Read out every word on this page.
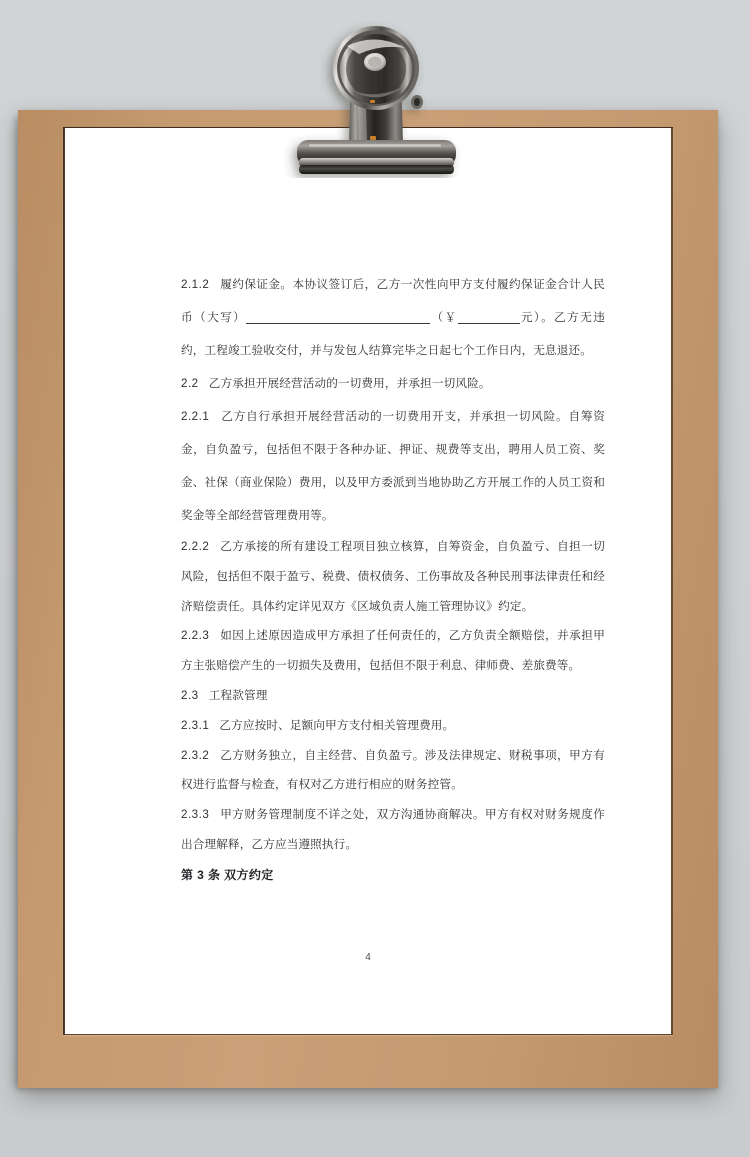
2.1.2 履约保证金。本协议签订后，乙方一次性向甲方支付履约保证金合计人民币（大写）	（￥	元）。乙方无违约，工程竣工验收交付，并与发包人结算完毕之日起七个工作日内，无息退还。

2.2 乙方承担开展经营活动的一切费用，并承担一切风险。

2.2.1 乙方自行承担开展经营活动的一切费用开支，并承担一切风险。自筹资金，自负盈亏，包括但不限于各种办证、押证、规费等支出，聘用人员工资、奖金、社保（商业保险）费用，以及甲方委派到当地协助乙方开展工作的人员工资和奖金等全部经营管理费用等。

2.2.2 乙方承接的所有建设工程项目独立核算，自筹资金，自负盈亏、自担一切风险，包括但不限于盈亏、税费、债权债务、工伤事故及各种民刑事法律责任和经济赔偿责任。具体约定详见双方《区域负责人施工管理协议》约定。

2.2.3 如因上述原因造成甲方承担了任何责任的，乙方负责全额赔偿，并承担甲方主张赔偿产生的一切损失及费用，包括但不限于利息、律师费、差旅费等。

2.3 工程款管理

2.3.1 乙方应按时、足额向甲方支付相关管理费用。

2.3.2 乙方财务独立，自主经营、自负盈亏。涉及法律规定、财税事项，甲方有权进行监督与检查，有权对乙方进行相应的财务控管。

2.3.3 甲方财务管理制度不详之处，双方沟通协商解决。甲方有权对财务规度作出合理解释，乙方应当遵照执行。

第 3 条 双方约定

4
